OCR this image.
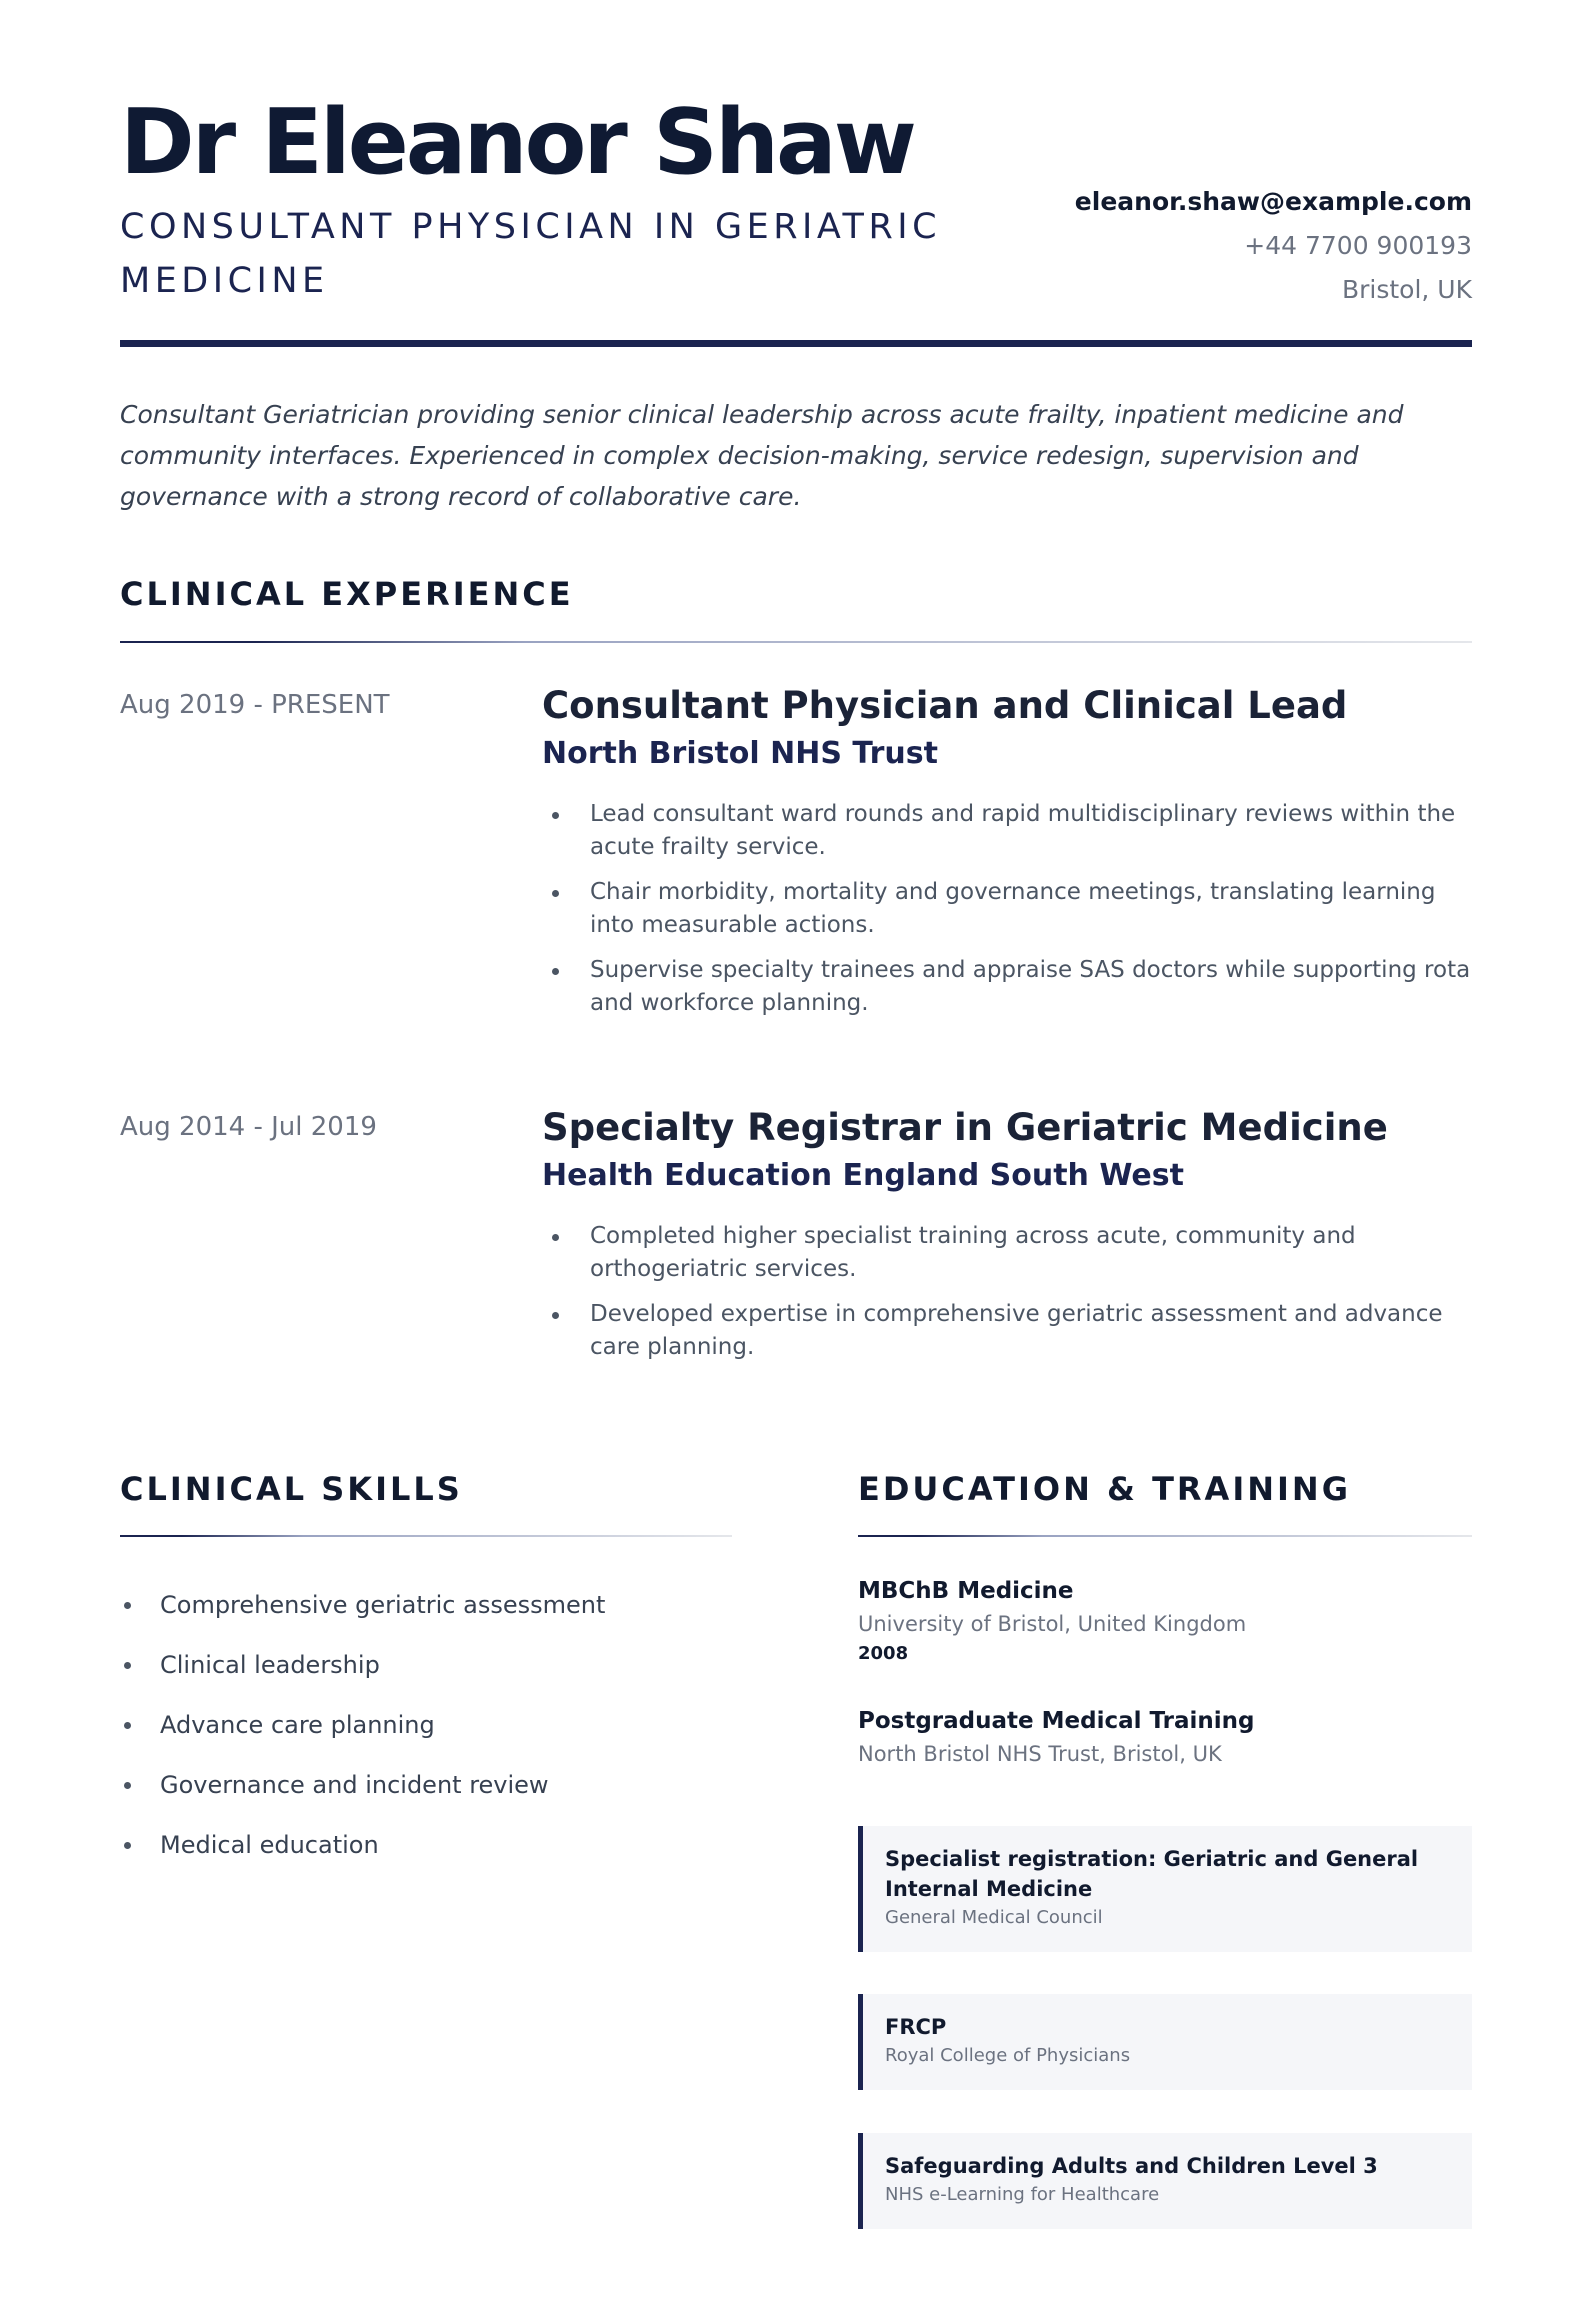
Dr Eleanor Shaw
CONSULTANT PHYSICIAN IN GERIATRIC MEDICINE
eleanor.shaw@example.com
+44 7700 900193
Bristol, UK
Consultant Geriatrician providing senior clinical leadership across acute frailty, inpatient medicine and community interfaces. Experienced in complex decision-making, service redesign, supervision and governance with a strong record of collaborative care.
CLINICAL EXPERIENCE
Aug 2019 - PRESENT	Consultant Physician and Clinical Lead
North Bristol NHS Trust
Lead consultant ward rounds and rapid multidisciplinary reviews within the acute frailty service.
Chair morbidity, mortality and governance meetings, translating learning into measurable actions.
Supervise specialty trainees and appraise SAS doctors while supporting rota and workforce planning.
Aug 2014 - Jul 2019	Specialty Registrar in Geriatric Medicine
Health Education England South West
Completed higher specialist training across acute, community and orthogeriatric services.
Developed expertise in comprehensive geriatric assessment and advance care planning.
CLINICAL SKILLS
Comprehensive geriatric assessment
Clinical leadership
Advance care planning
Governance and incident review
Medical education
EDUCATION & TRAINING
MBChB Medicine
University of Bristol, United Kingdom
2008
Postgraduate Medical Training
North Bristol NHS Trust, Bristol, UK
Specialist registration: Geriatric and General Internal Medicine
General Medical Council
FRCP
Royal College of Physicians
Safeguarding Adults and Children Level 3
NHS e-Learning for Healthcare
